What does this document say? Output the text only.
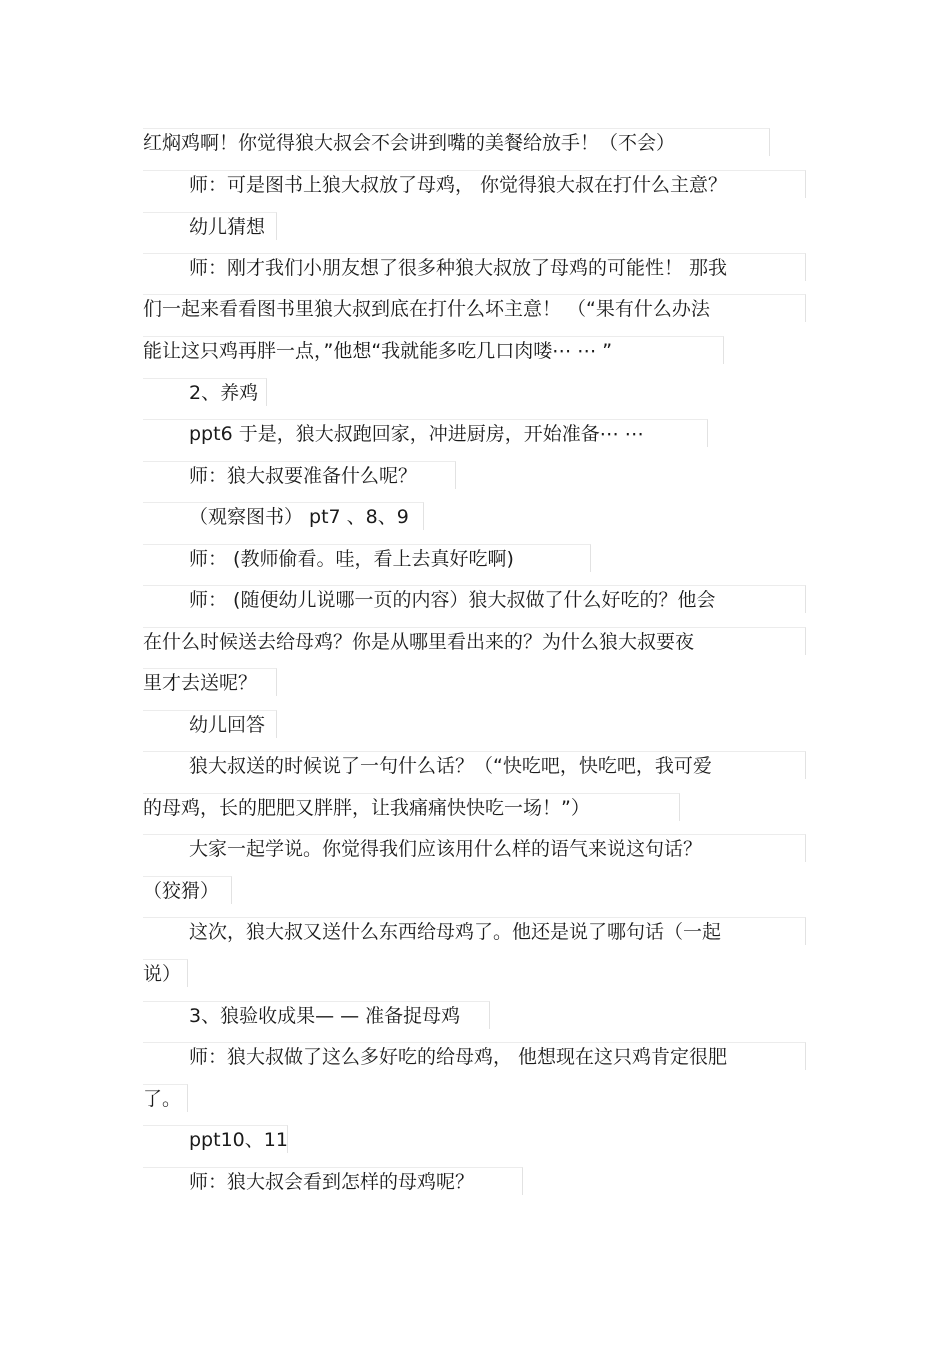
红焖鸡啊！你觉得狼大叔会不会讲到嘴的美餐给放手！（不会）
师：可是图书上狼大叔放了母鸡， 你觉得狼大叔在打什么主意？
幼儿猜想
师：刚才我们小朋友想了很多种狼大叔放了母鸡的可能性！ 那我
们一起来看看图书里狼大叔到底在打什么坏主意！ （“果有什么办法
能让这只鸡再胖一点，”他想“我就能多吃几口肉喽⋯ ⋯ ”
2、养鸡
ppt6 于是，狼大叔跑回家，冲进厨房，开始准备⋯ ⋯
师：狼大叔要准备什么呢？
（观察图书） pt7 、8、9
师： (教师偷看。哇，看上去真好吃啊)
师： (随便幼儿说哪一页的内容）狼大叔做了什么好吃的？他会
在什么时候送去给母鸡？你是从哪里看出来的？为什么狼大叔要夜
里才去送呢？
幼儿回答
狼大叔送的时候说了一句什么话？（“快吃吧，快吃吧，我可爱
的母鸡，长的肥肥又胖胖，让我痛痛快快吃一场！”）
大家一起学说。你觉得我们应该用什么样的语气来说这句话？
（狡猾）
这次，狼大叔又送什么东西给母鸡了。他还是说了哪句话（一起
说）
3、狼验收成果— — 准备捉母鸡
师：狼大叔做了这么多好吃的给母鸡， 他想现在这只鸡肯定很肥
了。
ppt10、11
师：狼大叔会看到怎样的母鸡呢？
